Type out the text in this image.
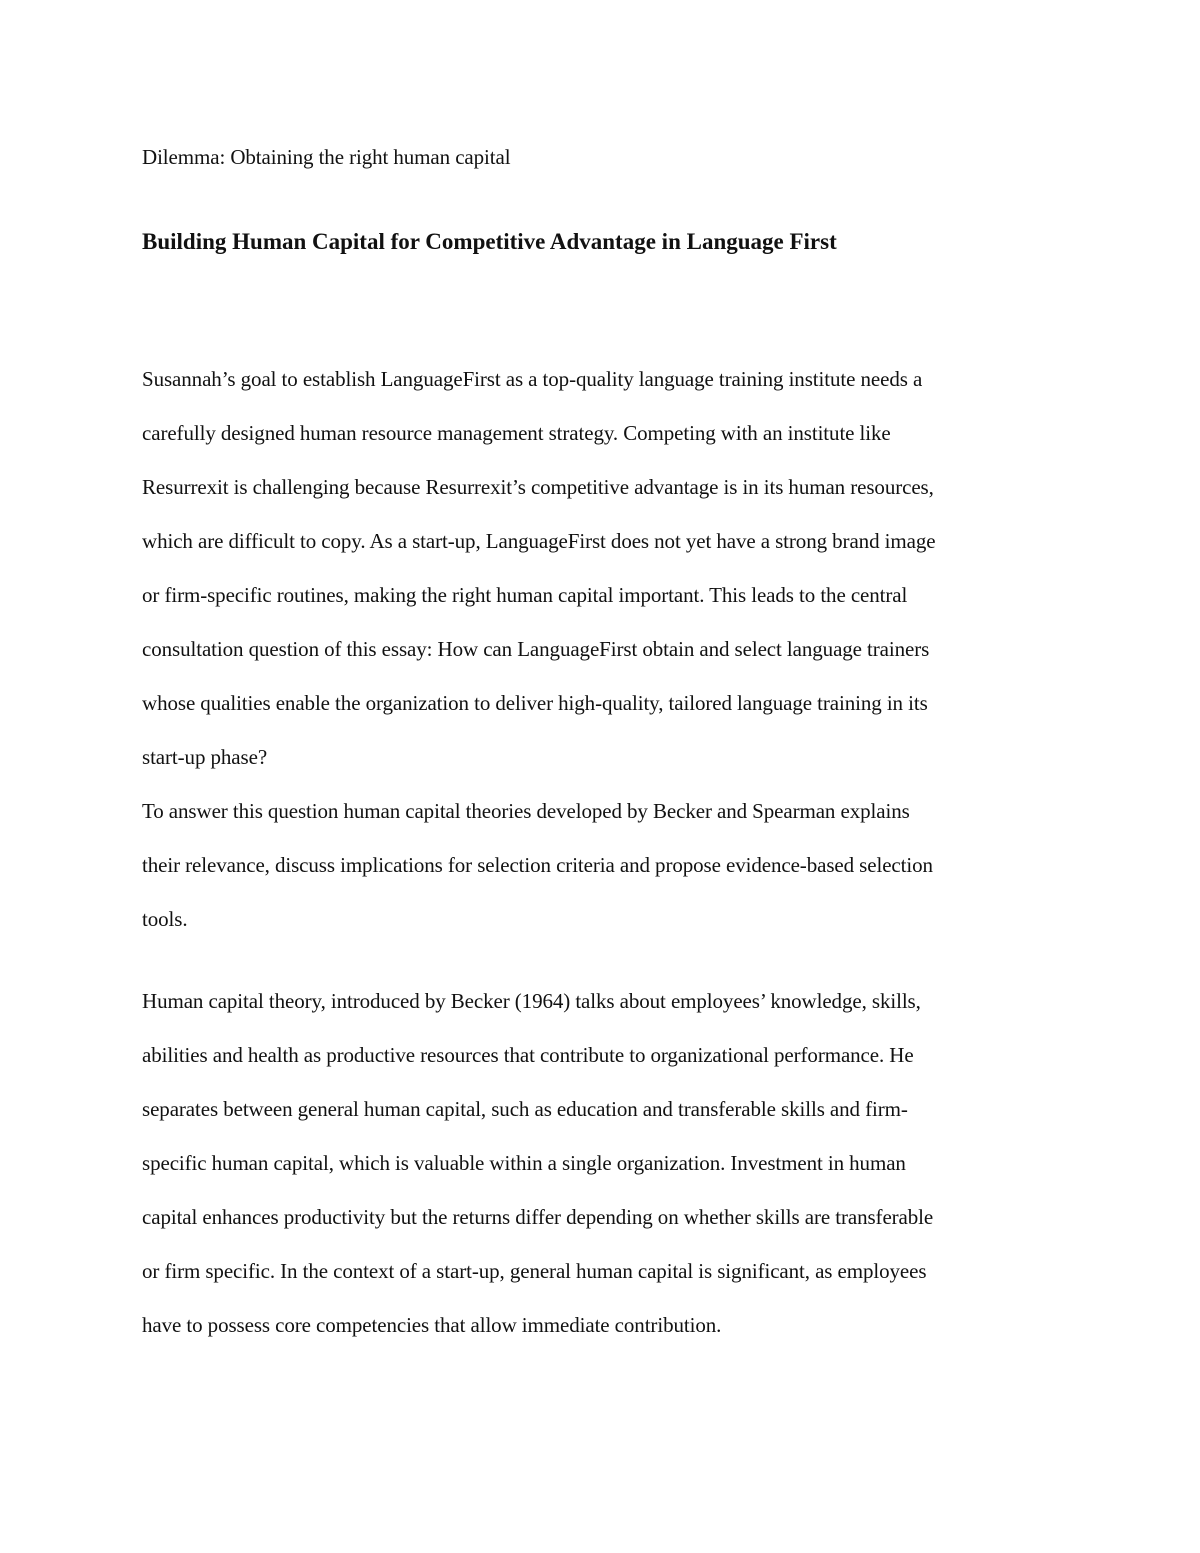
Dilemma: Obtaining the right human capital
Building Human Capital for Competitive Advantage in Language First
Susannah’s goal to establish LanguageFirst as a top-quality language training institute needs a
carefully designed human resource management strategy. Competing with an institute like
Resurrexit is challenging because Resurrexit’s competitive advantage is in its human resources,
which are difficult to copy. As a start-up, LanguageFirst does not yet have a strong brand image
or firm-specific routines, making the right human capital important. This leads to the central
consultation question of this essay: How can LanguageFirst obtain and select language trainers
whose qualities enable the organization to deliver high-quality, tailored language training in its
start-up phase?
To answer this question human capital theories developed by Becker and Spearman explains
their relevance, discuss implications for selection criteria and propose evidence-based selection
tools.
Human capital theory, introduced by Becker (1964) talks about employees’ knowledge, skills,
abilities and health as productive resources that contribute to organizational performance. He
separates between general human capital, such as education and transferable skills and firm-
specific human capital, which is valuable within a single organization. Investment in human
capital enhances productivity but the returns differ depending on whether skills are transferable
or firm specific. In the context of a start-up, general human capital is significant, as employees
have to possess core competencies that allow immediate contribution.
